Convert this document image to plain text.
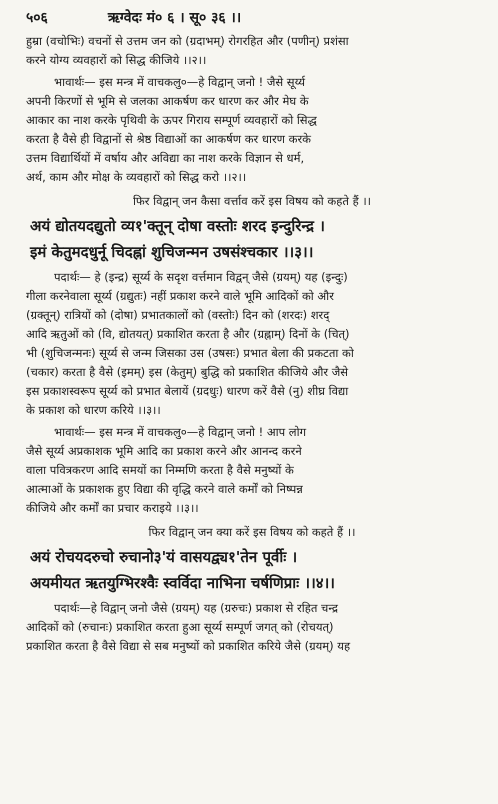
५०६	ऋग्वेदः मं० ६ । सू० ३६ ।।

हुम्रा (वचोभिः) वचनों से उत्तम जन को (ग्रदाभम्) रोगरहित और (पणीन्) प्रशंसा

करने योग्य व्यवहारों को सिद्ध कीजिये ।।२।।

भावार्थः— इस मन्त्र में वाचकलु०—हे विद्वान् जनो ! जैसे सूर्य्य

अपनी किरणों से भूमि से जलका आकर्षण कर धारण कर और मेघ के

आकार का नाश करके पृथिवी के ऊपर गिराय सम्पूर्ण व्यवहारों को सिद्ध

करता है वैसे ही विद्वानों से श्रेष्ठ विद्याओं का आकर्षण कर धारण करके

उत्तम विद्यार्थियों में वर्षाय और अविद्या का नाश करके विज्ञान से धर्म,

अर्थ, काम और मोक्ष के व्यवहारों को सिद्ध करो ।।२।।

फिर विद्वान् जन कैसा वर्त्ताव करें इस विषय को कहते हैं ।।

अयं द्योतयदद्युतो व्य१'क्तून् दोषा वस्तोः शरद इन्दुरिन्द्र ।

इमं केतुमदधुर्नू चिदह्नां शुचिजन्मन उषसंश्चकार ।।३।।

पदार्थः— हे (इन्द्र) सूर्य्य के सदृश वर्त्तमान विद्वन् जैसे (ग्रयम्) यह (इन्दुः)

गीला करनेवाला सूर्य्य (ग्रद्युतः) नहीं प्रकाश करने वाले भूमि आदिकों को और

(ग्रक्तून्) रात्रियों को (दोषा) प्रभातकालों को (वस्तोः) दिन को (शरदः) शरद्

आदि ऋतुओं को (वि, द्योतयत्) प्रकाशित करता है और (ग्रह्नाम्) दिनों के (चित्)

भी (शुचिजन्मनः) सूर्य्य से जन्म जिसका उस (उषसः) प्रभात बेला की प्रकटता को

(चकार) करता है वैसे (इमम्) इस (केतुम्) बुद्धि को प्रकाशित कीजिये और जैसे

इस प्रकाशस्वरूप सूर्य्य को प्रभात बेलायें (ग्रदधुः) धारण करें वैसे (नु) शीघ्र विद्या

के प्रकाश को धारण करिये ।।३।।

भावार्थः— इस मन्त्र में वाचकलु०—हे विद्वान् जनो ! आप लोग

जैसे सूर्य्य अप्रकाशक भूमि आदि का प्रकाश करने और आनन्द करने

वाला पवित्रकरण आदि समयों का निम्मणि करता है वैसे मनुष्यों के

आत्माओं के प्रकाशक हुए विद्या की वृद्धि करने वाले कर्मों को निष्पन्न

कीजिये और कर्मों का प्रचार कराइये ।।३।।

फिर विद्वान् जन क्या करें इस विषय को कहते हैं ।।

अयं रोचयदरुचो रुचानो३'यं वासयद्व्य१'तेन पूर्वीः ।

अयमीयत ऋतयुग्भिरश्वैः स्वर्विदा नाभिना चर्षणिप्राः ।।४।।

पदार्थः—हे विद्वान् जनो जैसे (ग्रयम्) यह (ग्ररुचः) प्रकाश से रहित चन्द्र

आदिकों को (रुचानः) प्रकाशित करता हुआ सूर्य्य सम्पूर्ण जगत् को (रोचयत्)

प्रकाशित करता है वैसे विद्या से सब मनुष्यों को प्रकाशित करिये जैसे (ग्रयम्) यह
